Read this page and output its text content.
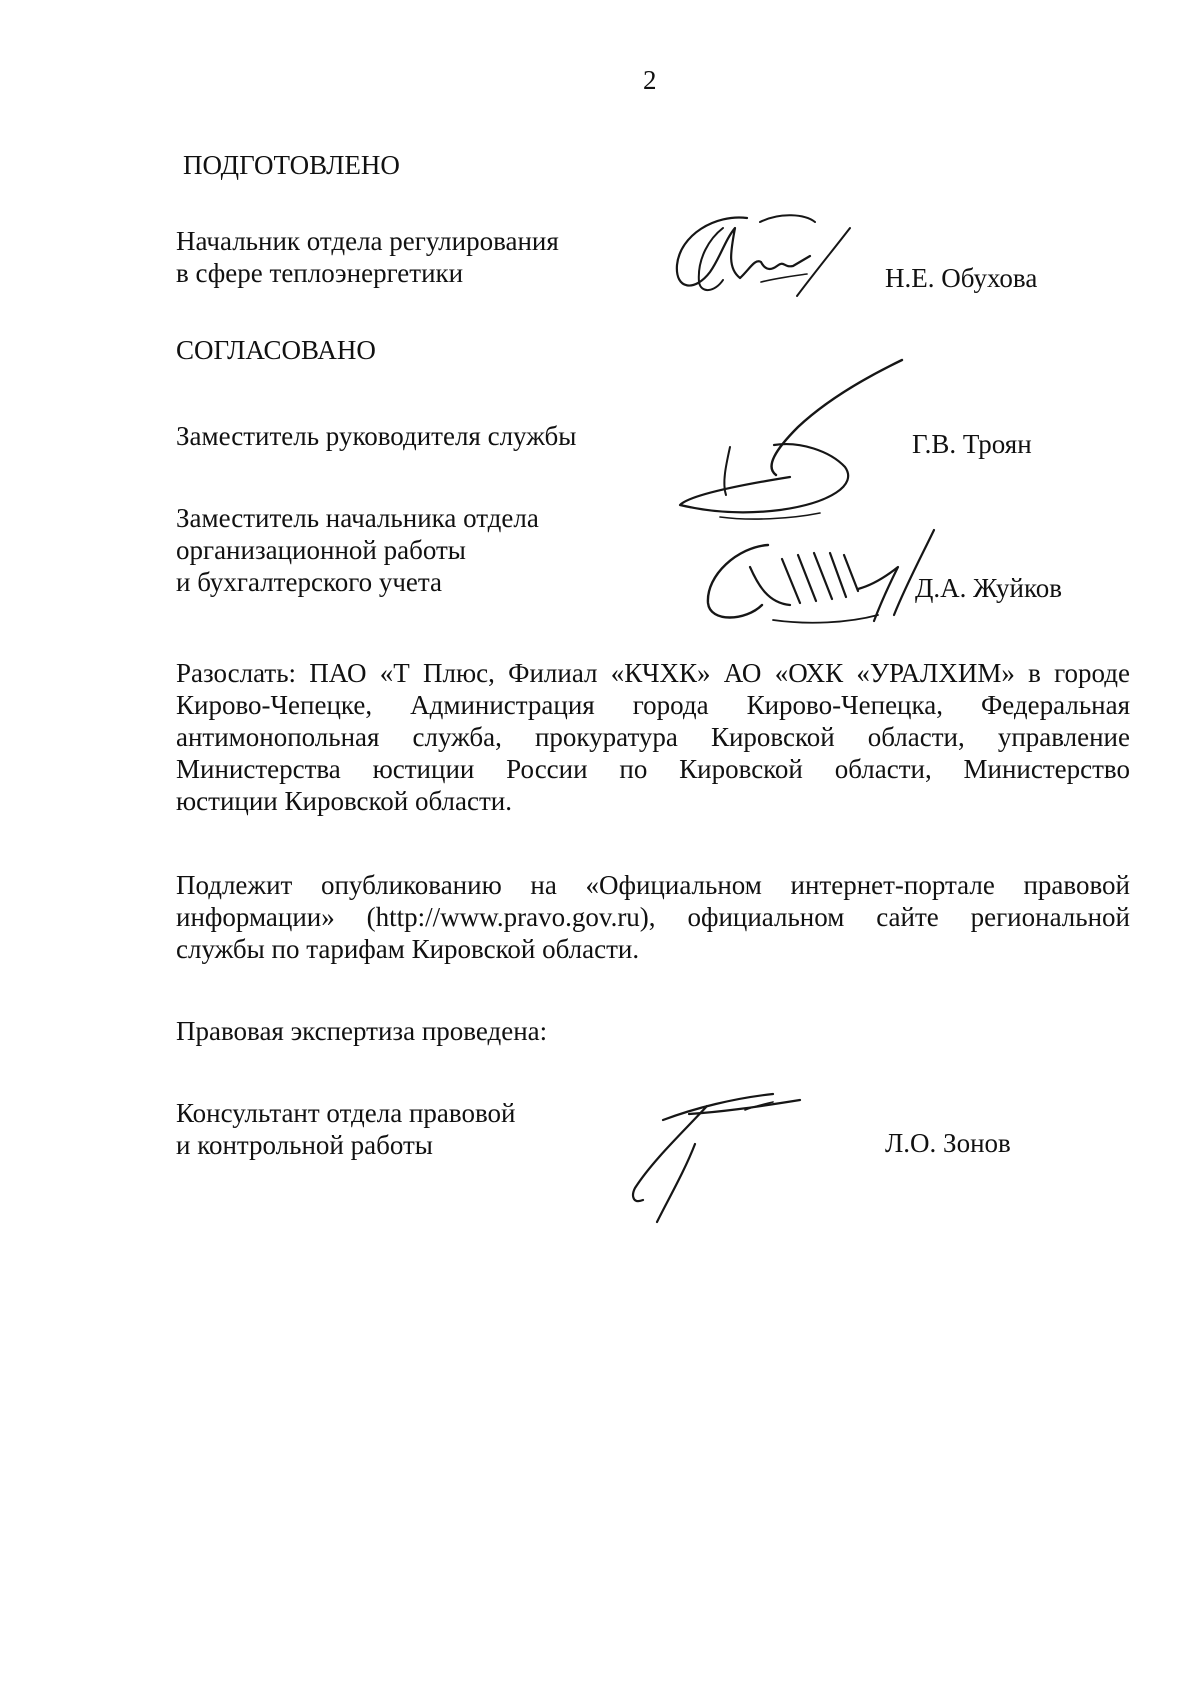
2
ПОДГОТОВЛЕНО
Начальник отдела регулирования
в сфере теплоэнергетики	Н.Е. Обухова
СОГЛАСОВАНО
Заместитель руководителя службы	Г.В. Троян
Заместитель начальника отдела
организационной работы
и бухгалтерского учета	Д.А. Жуйков
Разослать: ПАО «Т Плюс, Филиал «КЧХК» АО «ОХК «УРАЛХИМ» в городе
Кирово-Чепецке, Администрация города Кирово-Чепецка, Федеральная
антимонопольная служба, прокуратура Кировской области, управление
Министерства юстиции России по Кировской области, Министерство
юстиции Кировской области.
Подлежит опубликованию на «Официальном интернет-портале правовой
информации» (http://www.pravo.gov.ru), официальном сайте региональной
службы по тарифам Кировской области.
Правовая экспертиза проведена:
Консультант отдела правовой
и контрольной работы	Л.О. Зонов
